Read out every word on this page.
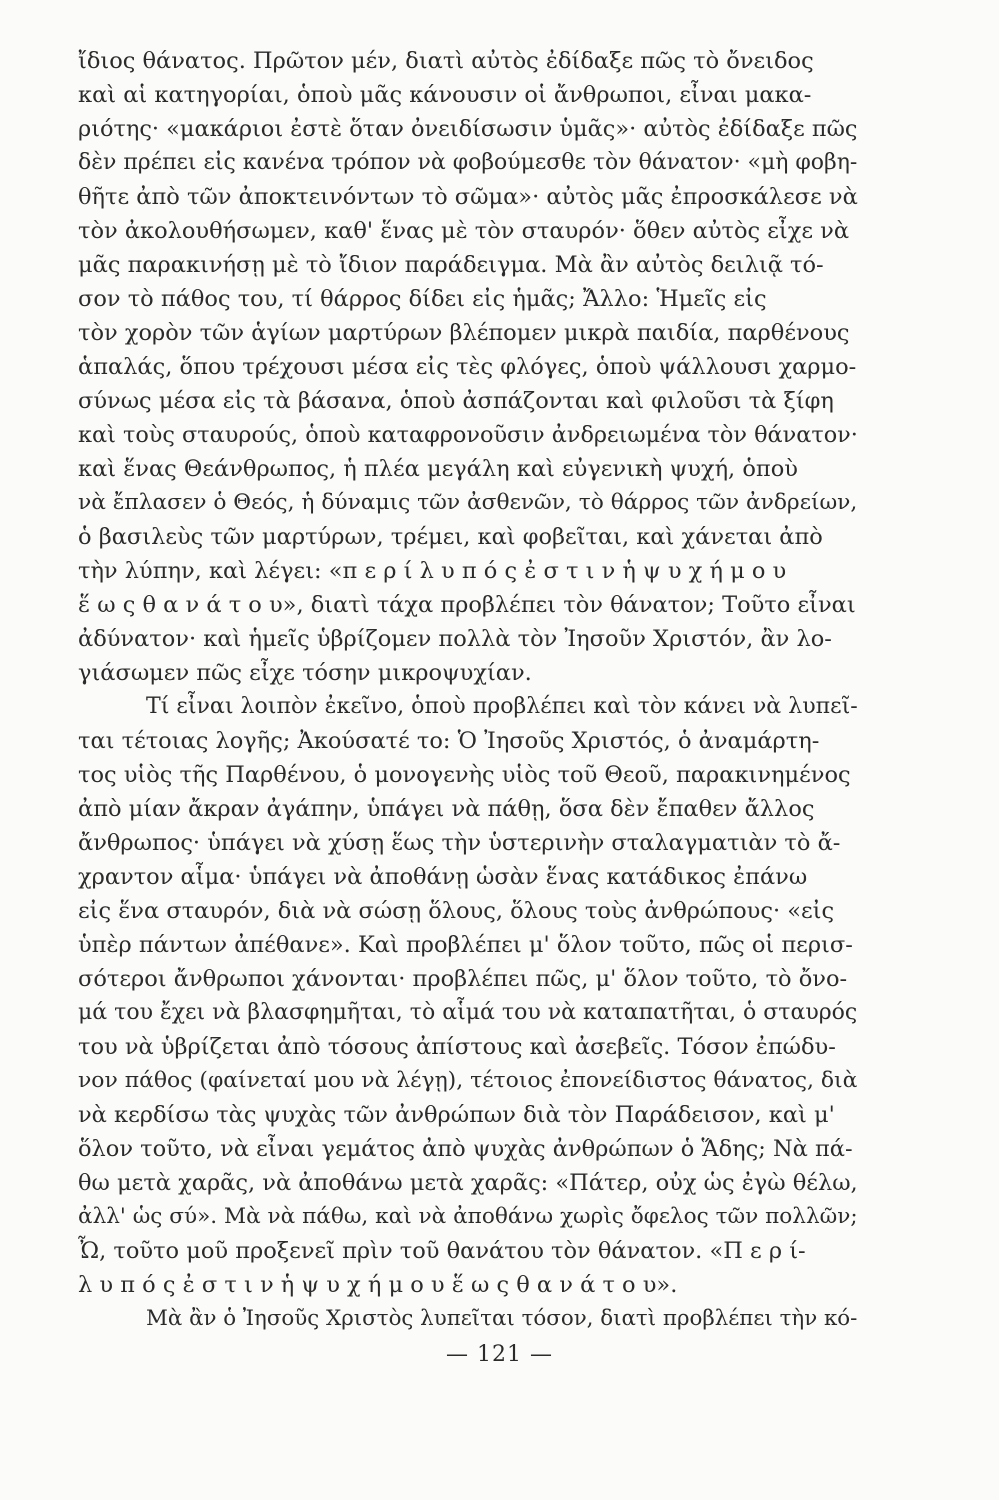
ἴδιος θάνατος. Πρῶτον μέν, διατὶ αὐτὸς ἐδίδαξε πῶς τὸ ὄνειδος
καὶ αἱ κατηγορίαι, ὁποὺ μᾶς κάνουσιν οἱ ἄνθρωποι, εἶναι μακα-
ριότης· «μακάριοι ἐστὲ ὅταν ὀνειδίσωσιν ὑμᾶς»· αὐτὸς ἐδίδαξε πῶς
δὲν πρέπει εἰς κανένα τρόπον νὰ φοβούμεσθε τὸν θάνατον· «μὴ φοβη-
θῆτε ἀπὸ τῶν ἀποκτεινόντων τὸ σῶμα»· αὐτὸς μᾶς ἐπροσκάλεσε νὰ
τὸν ἀκολουθήσωμεν, καθ' ἕνας μὲ τὸν σταυρόν· ὅθεν αὐτὸς εἶχε νὰ
μᾶς παρακινήσῃ μὲ τὸ ἴδιον παράδειγμα. Μὰ ἂν αὐτὸς δειλιᾷ τό-
σον τὸ πάθος του, τί θάρρος δίδει εἰς ἡμᾶς; Ἄλλο: Ἡμεῖς εἰς
τὸν χορὸν τῶν ἁγίων μαρτύρων βλέπομεν μικρὰ παιδία, παρθένους
ἁπαλάς, ὅπου τρέχουσι μέσα εἰς τὲς φλόγες, ὁποὺ ψάλλουσι χαρμο-
σύνως μέσα εἰς τὰ βάσανα, ὁποὺ ἀσπάζονται καὶ φιλοῦσι τὰ ξίφη
καὶ τοὺς σταυρούς, ὁποὺ καταφρονοῦσιν ἀνδρειωμένα τὸν θάνατον·
καὶ ἕνας Θεάνθρωπος, ἡ πλέα μεγάλη καὶ εὐγενικὴ ψυχή, ὁποὺ
νὰ ἔπλασεν ὁ Θεός, ἡ δύναμις τῶν ἀσθενῶν, τὸ θάρρος τῶν ἀνδρείων,
ὁ βασιλεὺς τῶν μαρτύρων, τρέμει, καὶ φοβεῖται, καὶ χάνεται ἀπὸ
τὴν λύπην, καὶ λέγει: «π ε ρ ί λ υ π ό ς ἐ σ τ ι ν ἡ ψ υ χ ή μ ο υ
ἕ ω ς θ α ν ά τ ο υ», διατὶ τάχα προβλέπει τὸν θάνατον; Τοῦτο εἶναι
ἀδύνατον· καὶ ἡμεῖς ὑβρίζομεν πολλὰ τὸν Ἰησοῦν Χριστόν, ἂν λο-
γιάσωμεν πῶς εἶχε τόσην μικροψυχίαν.
Τί εἶναι λοιπὸν ἐκεῖνο, ὁποὺ προβλέπει καὶ τὸν κάνει νὰ λυπεῖ-
ται τέτοιας λογῆς; Ἀκούσατέ το: Ὁ Ἰησοῦς Χριστός, ὁ ἀναμάρτη-
τος υἱὸς τῆς Παρθένου, ὁ μονογενὴς υἱὸς τοῦ Θεοῦ, παρακινημένος
ἀπὸ μίαν ἄκραν ἀγάπην, ὑπάγει νὰ πάθῃ, ὅσα δὲν ἔπαθεν ἄλλος
ἄνθρωπος· ὑπάγει νὰ χύσῃ ἕως τὴν ὑστερινὴν σταλαγματιὰν τὸ ἄ-
χραντον αἷμα· ὑπάγει νὰ ἀποθάνῃ ὡσὰν ἕνας κατάδικος ἐπάνω
εἰς ἕνα σταυρόν, διὰ νὰ σώσῃ ὅλους, ὅλους τοὺς ἀνθρώπους· «εἰς
ὑπὲρ πάντων ἀπέθανε». Καὶ προβλέπει μ' ὅλον τοῦτο, πῶς οἱ περισ-
σότεροι ἄνθρωποι χάνονται· προβλέπει πῶς, μ' ὅλον τοῦτο, τὸ ὄνο-
μά του ἔχει νὰ βλασφημῆται, τὸ αἷμά του νὰ καταπατῆται, ὁ σταυρός
του νὰ ὑβρίζεται ἀπὸ τόσους ἀπίστους καὶ ἀσεβεῖς. Τόσον ἐπώδυ-
νον πάθος (φαίνεταί μου νὰ λέγῃ), τέτοιος ἐπονείδιστος θάνατος, διὰ
νὰ κερδίσω τὰς ψυχὰς τῶν ἀνθρώπων διὰ τὸν Παράδεισον, καὶ μ'
ὅλον τοῦτο, νὰ εἶναι γεμάτος ἀπὸ ψυχὰς ἀνθρώπων ὁ Ἅδης; Νὰ πά-
θω μετὰ χαρᾶς, νὰ ἀποθάνω μετὰ χαρᾶς: «Πάτερ, οὐχ ὡς ἐγὼ θέλω,
ἀλλ' ὡς σύ». Μὰ νὰ πάθω, καὶ νὰ ἀποθάνω χωρὶς ὄφελος τῶν πολλῶν;
Ὦ, τοῦτο μοῦ προξενεῖ πρὶν τοῦ θανάτου τὸν θάνατον. «Π ε ρ ί-
λ υ π ό ς ἐ σ τ ι ν ἡ ψ υ χ ή μ ο υ ἕ ω ς θ α ν ά τ ο υ».
Μὰ ἂν ὁ Ἰησοῦς Χριστὸς λυπεῖται τόσον, διατὶ προβλέπει τὴν κό-
— 121 —
